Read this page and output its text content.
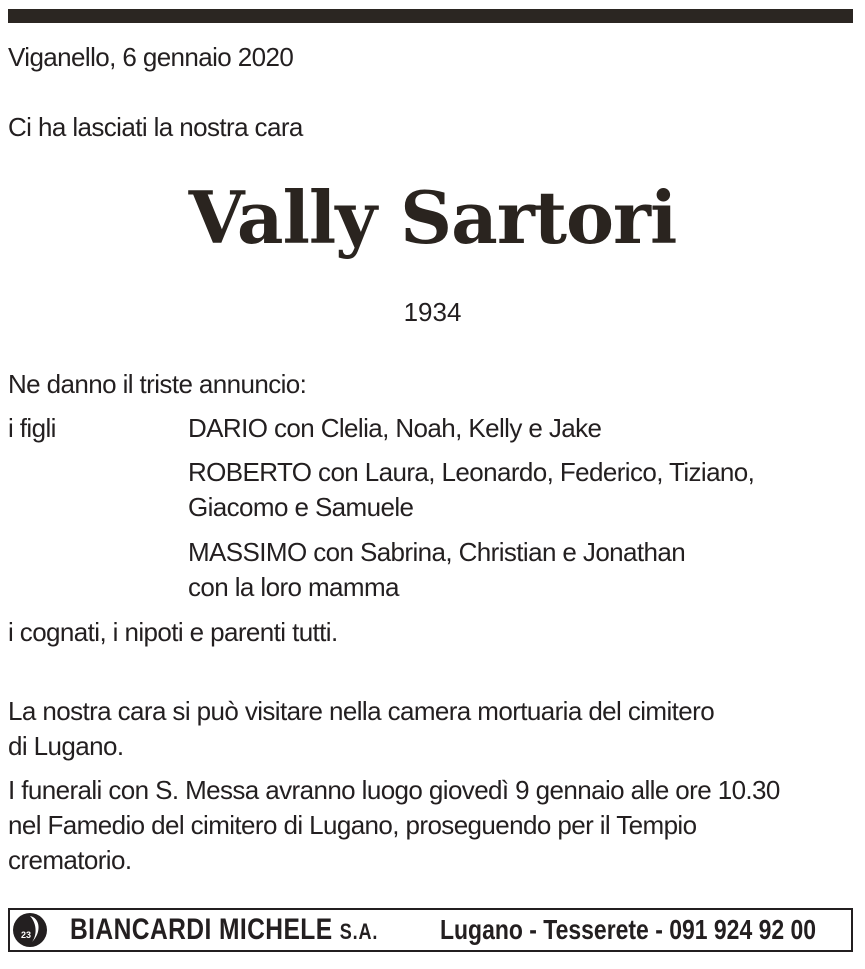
Viganello, 6 gennaio 2020
Ci ha lasciati la nostra cara
Vally Sartori
1934
Ne danno il triste annuncio:
i figli	DARIO con Clelia, Noah, Kelly e Jake
ROBERTO con Laura, Leonardo, Federico, Tiziano,
Giacomo e Samuele
MASSIMO con Sabrina, Christian e Jonathan
con la loro mamma
i cognati, i nipoti e parenti tutti.
La nostra cara si può visitare nella camera mortuaria del cimitero
di Lugano.
I funerali con S. Messa avranno luogo giovedì 9 gennaio alle ore 10.30
nel Famedio del cimitero di Lugano, proseguendo per il Tempio
crematorio.
23 BIANCARDI MICHELE S.A. Lugano - Tesserete - 091 924 92 00
